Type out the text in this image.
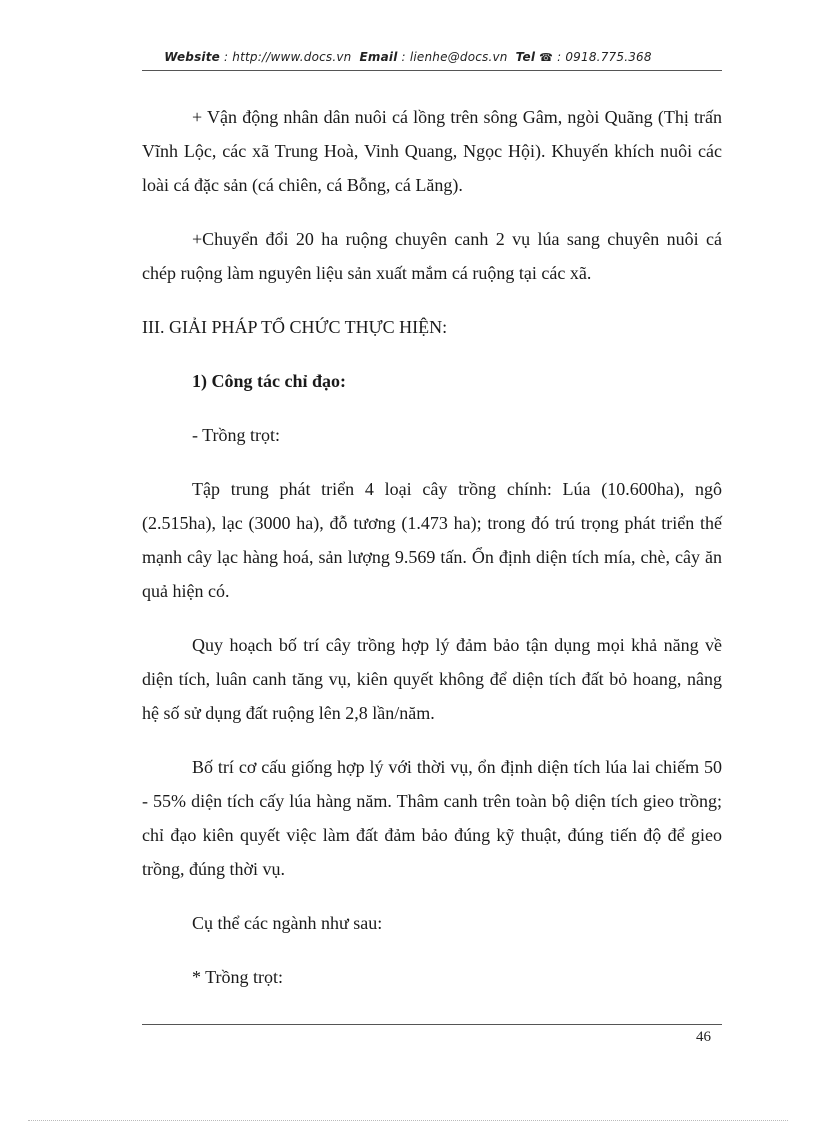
Website : http://www.docs.vn Email : lienhe@docs.vn Tel ☎ : 0918.775.368

+ Vận động nhân dân nuôi cá lồng trên sông Gâm, ngòi Quãng (Thị trấn Vĩnh Lộc, các xã Trung Hoà, Vinh Quang, Ngọc Hội). Khuyến khích nuôi các loài cá đặc sản (cá chiên, cá Bỗng, cá Lăng).

+Chuyển đổi 20 ha ruộng chuyên canh 2 vụ lúa sang chuyên nuôi cá chép ruộng làm nguyên liệu sản xuất mắm cá ruộng tại các xã.

III. GIẢI PHÁP TỔ CHỨC THỰC HIỆN:

1) Công tác chỉ đạo:

- Trồng trọt:

Tập trung phát triển 4 loại cây trồng chính: Lúa (10.600ha), ngô (2.515ha), lạc (3000 ha), đỗ tương (1.473 ha); trong đó trú trọng phát triển thế mạnh cây lạc hàng hoá, sản lượng 9.569 tấn. Ổn định diện tích mía, chè, cây ăn quả hiện có.

Quy hoạch bố trí cây trồng hợp lý đảm bảo tận dụng mọi khả năng về diện tích, luân canh tăng vụ, kiên quyết không để diện tích đất bỏ hoang, nâng hệ số sử dụng đất ruộng lên 2,8 lần/năm.

Bố trí cơ cấu giống hợp lý với thời vụ, ổn định diện tích lúa lai chiếm 50 - 55% diện tích cấy lúa hàng năm. Thâm canh trên toàn bộ diện tích gieo trồng; chỉ đạo kiên quyết việc làm đất đảm bảo đúng kỹ thuật, đúng tiến độ để gieo trồng, đúng thời vụ.

Cụ thể các ngành như sau:

* Trồng trọt:

46
